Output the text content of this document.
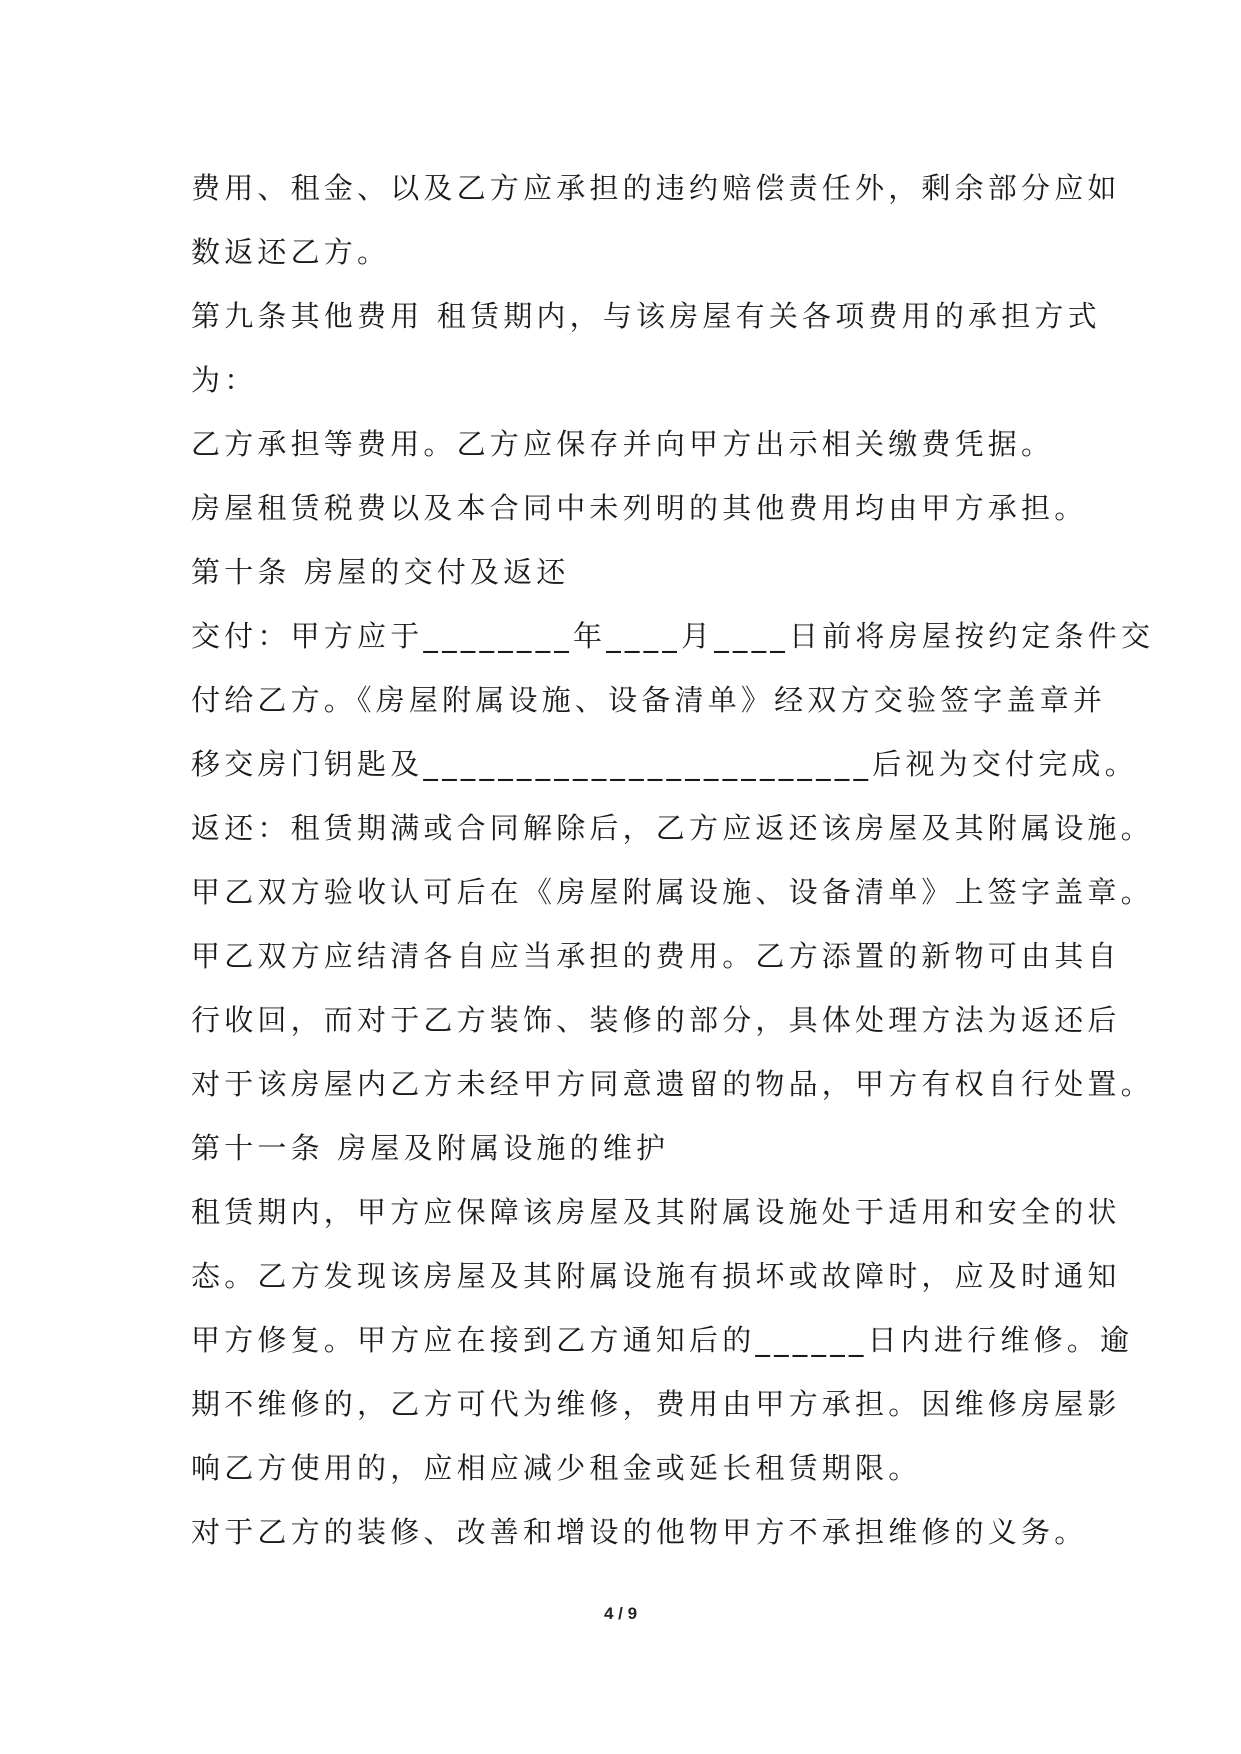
费用、租金、以及乙方应承担的违约赔偿责任外，剩余部分应如
数返还乙方。
第九条其他费用 租赁期内，与该房屋有关各项费用的承担方式
为：
乙方承担等费用。乙方应保存并向甲方出示相关缴费凭据。
房屋租赁税费以及本合同中未列明的其他费用均由甲方承担。
第十条 房屋的交付及返还
交付：甲方应于________年____月____日前将房屋按约定条件交
付给乙方。《房屋附属设施、设备清单》经双方交验签字盖章并
移交房门钥匙及________________________后视为交付完成。
返还：租赁期满或合同解除后，乙方应返还该房屋及其附属设施。
甲乙双方验收认可后在《房屋附属设施、设备清单》上签字盖章。
甲乙双方应结清各自应当承担的费用。乙方添置的新物可由其自
行收回，而对于乙方装饰、装修的部分，具体处理方法为返还后
对于该房屋内乙方未经甲方同意遗留的物品，甲方有权自行处置。
第十一条 房屋及附属设施的维护
租赁期内，甲方应保障该房屋及其附属设施处于适用和安全的状
态。乙方发现该房屋及其附属设施有损坏或故障时，应及时通知
甲方修复。甲方应在接到乙方通知后的______日内进行维修。逾
期不维修的，乙方可代为维修，费用由甲方承担。因维修房屋影
响乙方使用的，应相应减少租金或延长租赁期限。
对于乙方的装修、改善和增设的他物甲方不承担维修的义务。
4 / 9
